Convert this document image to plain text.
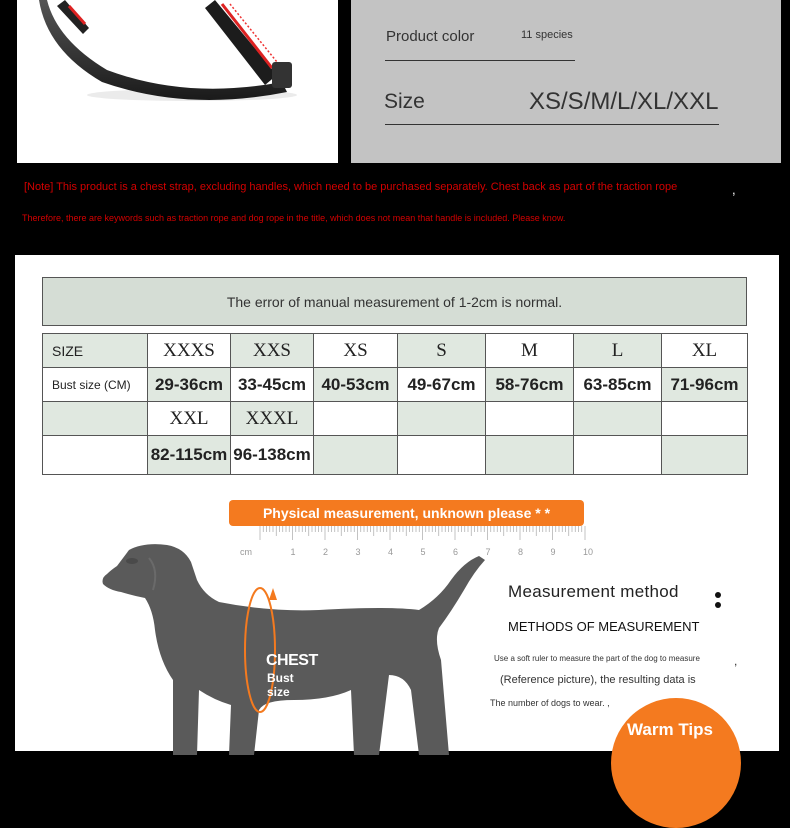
Product color	11 species
Size	XS/S/M/L/XL/XXL
[Note] This product is a chest strap, excluding handles, which need to be purchased separately. Chest back as part of the traction rope	,
Therefore, there are keywords such as traction rope and dog rope in the title, which does not mean that handle is included. Please know.
The error of manual measurement of 1-2cm is normal.
SIZE	XXXS	XXS	XS	S	M	L	XL
Bust size (CM)	29-36cm	33-45cm	40-53cm	49-67cm	58-76cm	63-85cm	71-96cm
	XXL	XXXL					
	82-115cm	96-138cm					
Physical measurement, unknown please * *
cm	1	2	3	4	5	6	7	8	9	10
CHEST
Bust size
Measurement method
METHODS OF MEASUREMENT
Use a soft ruler to measure the part of the dog to measure	,
(Reference picture), the resulting data is
The number of dogs to wear. ,
Warm Tips
